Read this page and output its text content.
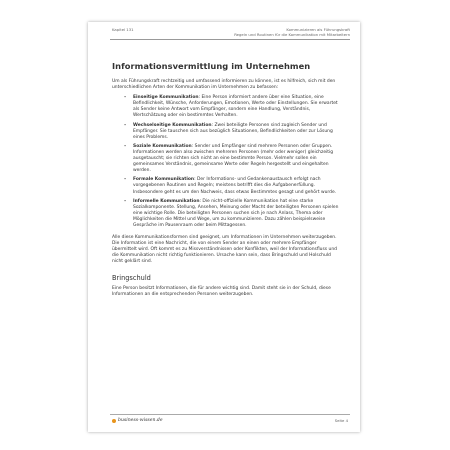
Kapitel 131	Kommunizieren als Führungskraft
Regeln und Routinen für die Kommunikation mit Mitarbeitern
Informationsvermittlung im Unternehmen

Um als Führungskraft rechtzeitig und umfassend informieren zu können, ist es hilfreich, sich mit den unterschiedlichen Arten der Kommunikation im Unternehmen zu befassen:

– Einseitige Kommunikation: Eine Person informiert andere über eine Situation, eine Befindlichkeit, Wünsche, Anforderungen, Emotionen, Werte oder Einstellungen. Sie erwartet als Sender keine Antwort vom Empfänger, sondern eine Handlung, Verständnis, Wertschätzung oder ein bestimmtes Verhalten.
– Wechselseitige Kommunikation: Zwei beteiligte Personen sind zugleich Sender und Empfänger. Sie tauschen sich aus bezüglich Situationen, Befindlichkeiten oder zur Lösung eines Problems.
– Soziale Kommunikation: Sender und Empfänger sind mehrere Personen oder Gruppen. Informationen werden also zwischen mehreren Personen (mehr oder weniger) gleichzeitig ausgetauscht; sie richten sich nicht an eine bestimmte Person. Vielmehr sollen ein gemeinsames Verständnis, gemeinsame Werte oder Regeln hergestellt und eingehalten werden.
– Formale Kommunikation: Der Informations- und Gedankenaustausch erfolgt nach vorgegebenen Routinen und Regeln; meistens betrifft dies die Aufgabenerfüllung. Insbesondere geht es um den Nachweis, dass etwas Bestimmtes gesagt und gehört wurde.
– Informelle Kommunikation: Die nicht-offizielle Kommunikation hat eine starke Sozialkomponente. Stellung, Ansehen, Meinung oder Macht der beteiligten Personen spielen eine wichtige Rolle. Die beteiligten Personen suchen sich je nach Anlass, Thema oder Möglichkeiten die Mittel und Wege, um zu kommunizieren. Dazu zählen beispielsweise Gespräche im Pausenraum oder beim Mittagessen.

Alle diese Kommunikationsformen sind geeignet, um Informationen im Unternehmen weiterzugeben. Die Information ist eine Nachricht, die von einem Sender an einen oder mehrere Empfänger übermittelt wird. Oft kommt es zu Missverständnissen oder Konflikten, weil der Informationsfluss und die Kommunikation nicht richtig funktionieren. Ursache kann sein, dass Bringschuld und Holschuld nicht geklärt sind.

Bringschuld

Eine Person besitzt Informationen, die für andere wichtig sind. Damit steht sie in der Schuld, diese Informationen an die entsprechenden Personen weiterzugeben.

business-wissen.de	Seite 4
